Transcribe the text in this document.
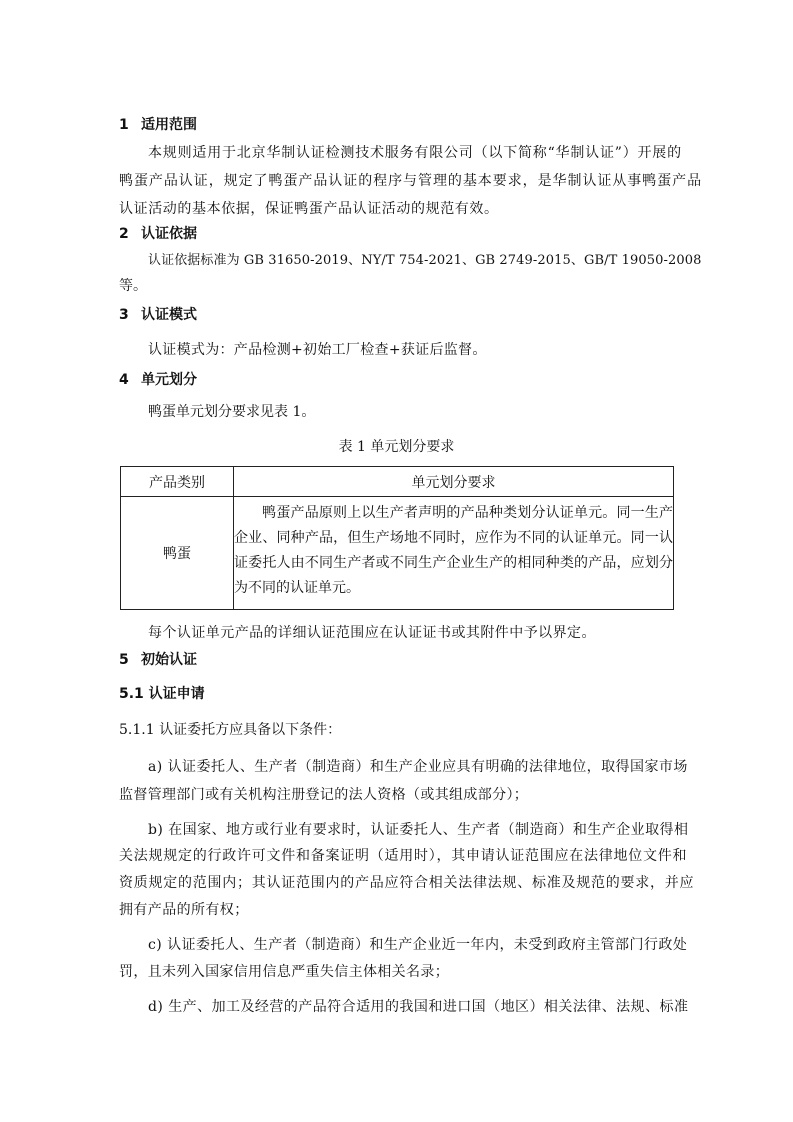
1 适用范围
本规则适用于北京华制认证检测技术服务有限公司（以下简称“华制认证”）开展的
鸭蛋产品认证，规定了鸭蛋产品认证的程序与管理的基本要求，是华制认证从事鸭蛋产品
认证活动的基本依据，保证鸭蛋产品认证活动的规范有效。
2 认证依据
认证依据标准为 GB 31650-2019、NY/T 754-2021、GB 2749-2015、GB/T 19050-2008
等。
3 认证模式
认证模式为：产品检测+初始工厂检查+获证后监督。
4 单元划分
鸭蛋单元划分要求见表 1。
表 1 单元划分要求
产品类别	单元划分要求
鸭蛋	鸭蛋产品原则上以生产者声明的产品种类划分认证单元。同一生产企业、同种产品，但生产场地不同时，应作为不同的认证单元。同一认证委托人由不同生产者或不同生产企业生产的相同种类的产品，应划分为不同的认证单元。
每个认证单元产品的详细认证范围应在认证证书或其附件中予以界定。
5 初始认证
5.1 认证申请
5.1.1 认证委托方应具备以下条件：
a) 认证委托人、生产者（制造商）和生产企业应具有明确的法律地位，取得国家市场
监督管理部门或有关机构注册登记的法人资格（或其组成部分）；
b) 在国家、地方或行业有要求时，认证委托人、生产者（制造商）和生产企业取得相
关法规规定的行政许可文件和备案证明（适用时），其申请认证范围应在法律地位文件和
资质规定的范围内；其认证范围内的产品应符合相关法律法规、标准及规范的要求，并应
拥有产品的所有权；
c) 认证委托人、生产者（制造商）和生产企业近一年内，未受到政府主管部门行政处
罚，且未列入国家信用信息严重失信主体相关名录；
d) 生产、加工及经营的产品符合适用的我国和进口国（地区）相关法律、法规、标准
